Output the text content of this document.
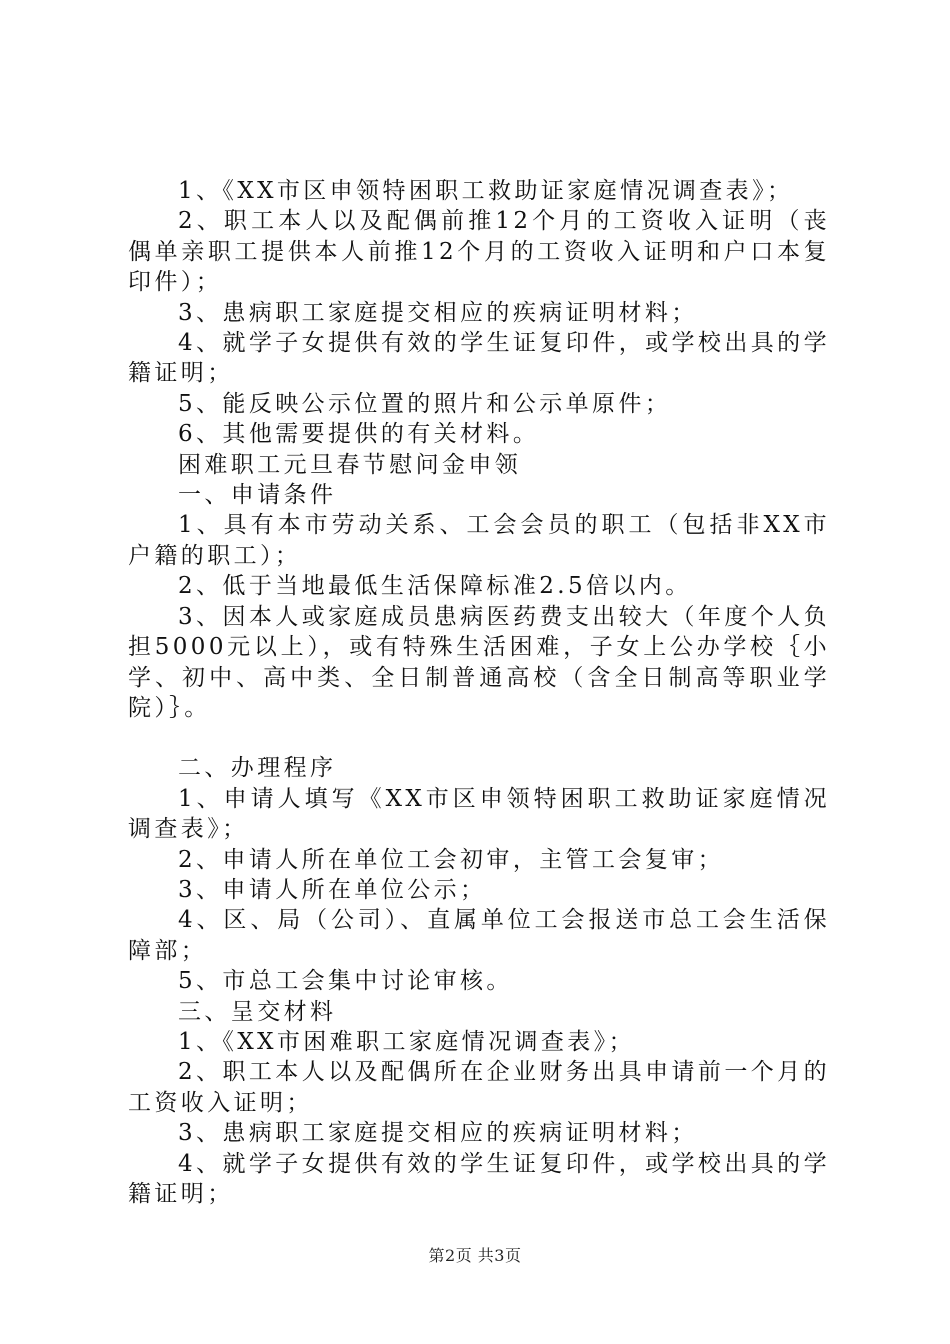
1、《XX市区申领特困职工救助证家庭情况调查表》；

2、职工本人以及配偶前推12个月的工资收入证明（丧偶单亲职工提供本人前推12个月的工资收入证明和户口本复印件）；

3、患病职工家庭提交相应的疾病证明材料；

4、就学子女提供有效的学生证复印件，或学校出具的学籍证明；

5、能反映公示位置的照片和公示单原件；

6、其他需要提供的有关材料。

困难职工元旦春节慰问金申领

一、申请条件

1、具有本市劳动关系、工会会员的职工（包括非XX市户籍的职工）；

2、低于当地最低生活保障标准2.5倍以内。

3、因本人或家庭成员患病医药费支出较大（年度个人负担5000元以上），或有特殊生活困难，子女上公办学校｛小学、初中、高中类、全日制普通高校（含全日制高等职业学院）｝。

二、办理程序

1、申请人填写《XX市区申领特困职工救助证家庭情况调查表》；

2、申请人所在单位工会初审，主管工会复审；

3、申请人所在单位公示；

4、区、局（公司）、直属单位工会报送市总工会生活保障部；

5、市总工会集中讨论审核。

三、呈交材料

1、《XX市困难职工家庭情况调查表》；

2、职工本人以及配偶所在企业财务出具申请前一个月的工资收入证明；

3、患病职工家庭提交相应的疾病证明材料；

4、就学子女提供有效的学生证复印件，或学校出具的学籍证明；

第2页 共3页
